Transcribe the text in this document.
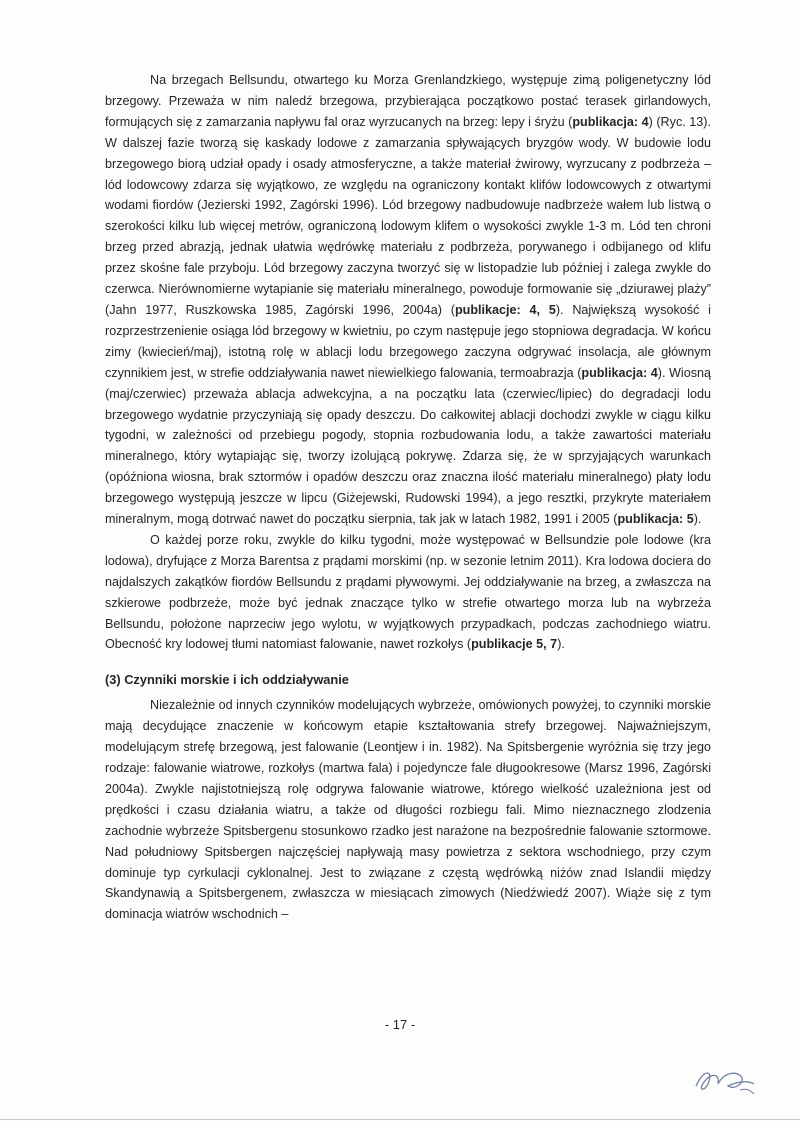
Na brzegach Bellsundu, otwartego ku Morza Grenlandzkiego, występuje zimą poligenetyczny lód brzegowy. Przeważa w nim naledź brzegowa, przybierająca początkowo postać terasek girlandowych, formujących się z zamarzania napływu fal oraz wyrzucanych na brzeg: lepy i śryżu (publikacja: 4) (Ryc. 13). W dalszej fazie tworzą się kaskady lodowe z zamarzania spływających bryzgów wody. W budowie lodu brzegowego biorą udział opady i osady atmosferyczne, a także materiał żwirowy, wyrzucany z podbrzeża – lód lodowcowy zdarza się wyjątkowo, ze względu na ograniczony kontakt klifów lodowcowych z otwartymi wodami fiordów (Jezierski 1992, Zagórski 1996). Lód brzegowy nadbudowuje nadbrzeże wałem lub listwą o szerokości kilku lub więcej metrów, ograniczoną lodowym klifem o wysokości zwykle 1-3 m. Lód ten chroni brzeg przed abrazją, jednak ułatwia wędrówkę materiału z podbrzeża, porywanego i odbijanego od klifu przez skośne fale przyboju. Lód brzegowy zaczyna tworzyć się w listopadzie lub później i zalega zwykle do czerwca. Nierównomierne wytapianie się materiału mineralnego, powoduje formowanie się „dziurawej plaży” (Jahn 1977, Ruszkowska 1985, Zagórski 1996, 2004a) (publikacje: 4, 5). Największą wysokość i rozprzestrzenienie osiąga lód brzegowy w kwietniu, po czym następuje jego stopniowa degradacja. W końcu zimy (kwiecień/maj), istotną rolę w ablacji lodu brzegowego zaczyna odgrywać insolacja, ale głównym czynnikiem jest, w strefie oddziaływania nawet niewielkiego falowania, termoabrazja (publikacja: 4). Wiosną (maj/czerwiec) przeważa ablacja adwekcyjna, a na początku lata (czerwiec/lipiec) do degradacji lodu brzegowego wydatnie przyczyniają się opady deszczu. Do całkowitej ablacji dochodzi zwykle w ciągu kilku tygodni, w zależności od przebiegu pogody, stopnia rozbudowania lodu, a także zawartości materiału mineralnego, który wytapiając się, tworzy izolującą pokrywę. Zdarza się, że w sprzyjających warunkach (opóźniona wiosna, brak sztormów i opadów deszczu oraz znaczna ilość materiału mineralnego) płaty lodu brzegowego występują jeszcze w lipcu (Giżejewski, Rudowski 1994), a jego resztki, przykryte materiałem mineralnym, mogą dotrwać nawet do początku sierpnia, tak jak w latach 1982, 1991 i 2005 (publikacja: 5).

O każdej porze roku, zwykle do kilku tygodni, może występować w Bellsundzie pole lodowe (kra lodowa), dryfujące z Morza Barentsa z prądami morskimi (np. w sezonie letnim 2011). Kra lodowa dociera do najdalszych zakątków fiordów Bellsundu z prądami pływowymi. Jej oddziaływanie na brzeg, a zwłaszcza na szkierowe podbrzeże, może być jednak znaczące tylko w strefie otwartego morza lub na wybrzeża Bellsundu, położone naprzeciw jego wylotu, w wyjątkowych przypadkach, podczas zachodniego wiatru. Obecność kry lodowej tłumi natomiast falowanie, nawet rozkołys (publikacje 5, 7).

(3) Czynniki morskie i ich oddziaływanie

Niezależnie od innych czynników modelujących wybrzeże, omówionych powyżej, to czynniki morskie mają decydujące znaczenie w końcowym etapie kształtowania strefy brzegowej. Najważniejszym, modelującym strefę brzegową, jest falowanie (Leontjew i in. 1982). Na Spitsbergenie wyróżnia się trzy jego rodzaje: falowanie wiatrowe, rozkołys (martwa fala) i pojedyncze fale długookresowe (Marsz 1996, Zagórski 2004a). Zwykle najistotniejszą rolę odgrywa falowanie wiatrowe, którego wielkość uzależniona jest od prędkości i czasu działania wiatru, a także od długości rozbiegu fali. Mimo nieznacznego zlodzenia zachodnie wybrzeże Spitsbergenu stosunkowo rzadko jest narażone na bezpośrednie falowanie sztormowe. Nad południowy Spitsbergen najczęściej napływają masy powietrza z sektora wschodniego, przy czym dominuje typ cyrkulacji cyklonalnej. Jest to związane z częstą wędrówką niżów znad Islandii między Skandynawią a Spitsbergenem, zwłaszcza w miesiącach zimowych (Niedźwiedź 2007). Wiąże się z tym dominacja wiatrów wschodnich –

- 17 -
